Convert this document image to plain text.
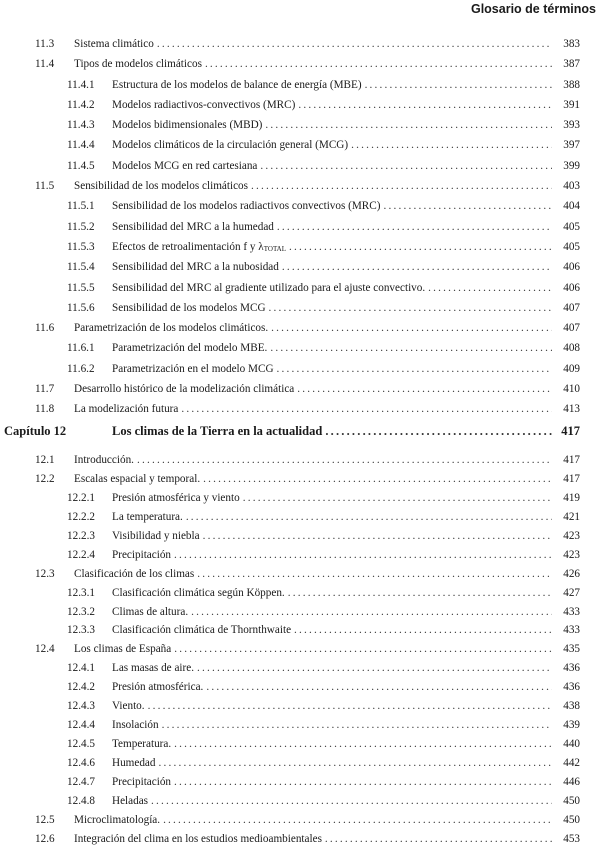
Glosario de términos
11.3	Sistema climático .....	383
11.4	Tipos de modelos climáticos .....	387
11.4.1	Estructura de los modelos de balance de energía (MBE) .....	388
11.4.2	Modelos radiactivos-convectivos (MRC) .....	391
11.4.3	Modelos bidimensionales (MBD) .....	393
11.4.4	Modelos climáticos de la circulación general (MCG) .....	397
11.4.5	Modelos MCG en red cartesiana .....	399
11.5	Sensibilidad de los modelos climáticos .....	403
11.5.1	Sensibilidad de los modelos radiactivos convectivos (MRC) .....	404
11.5.2	Sensibilidad del MRC a la humedad .....	405
11.5.3	Efectos de retroalimentación f y $\lambda_{TOTAL}$ .....	405
11.5.4	Sensibilidad del MRC a la nubosidad .....	406
11.5.5	Sensibilidad del MRC al gradiente utilizado para el ajuste convectivo. .....	406
11.5.6	Sensibilidad de los modelos MCG .....	407
11.6	Parametrización de los modelos climáticos. .....	407
11.6.1	Parametrización del modelo MBE. .....	408
11.6.2	Parametrización en el modelo MCG .....	409
11.7	Desarrollo histórico de la modelización climática .....	410
11.8	La modelización futura .....	413
Capítulo 12	Los climas de la Tierra en la actualidad .....	417
12.1	Introducción. .....	417
12.2	Escalas espacial y temporal. .....	417
12.2.1	Presión atmosférica y viento .....	419
12.2.2	La temperatura. .....	421
12.2.3	Visibilidad y niebla .....	423
12.2.4	Precipitación .....	423
12.3	Clasificación de los climas .....	426
12.3.1	Clasificación climática según Köppen. .....	427
12.3.2	Climas de altura. .....	433
12.3.3	Clasificación climática de Thornthwaite .....	433
12.4	Los climas de España .....	435
12.4.1	Las masas de aire. .....	436
12.4.2	Presión atmosférica. .....	436
12.4.3	Viento. .....	438
12.4.4	Insolación .....	439
12.4.5	Temperatura. .....	440
12.4.6	Humedad .....	442
12.4.7	Precipitación .....	446
12.4.8	Heladas .....	450
12.5	Microclimatología. .....	450
12.6	Integración del clima en los estudios medioambientales .....	453
